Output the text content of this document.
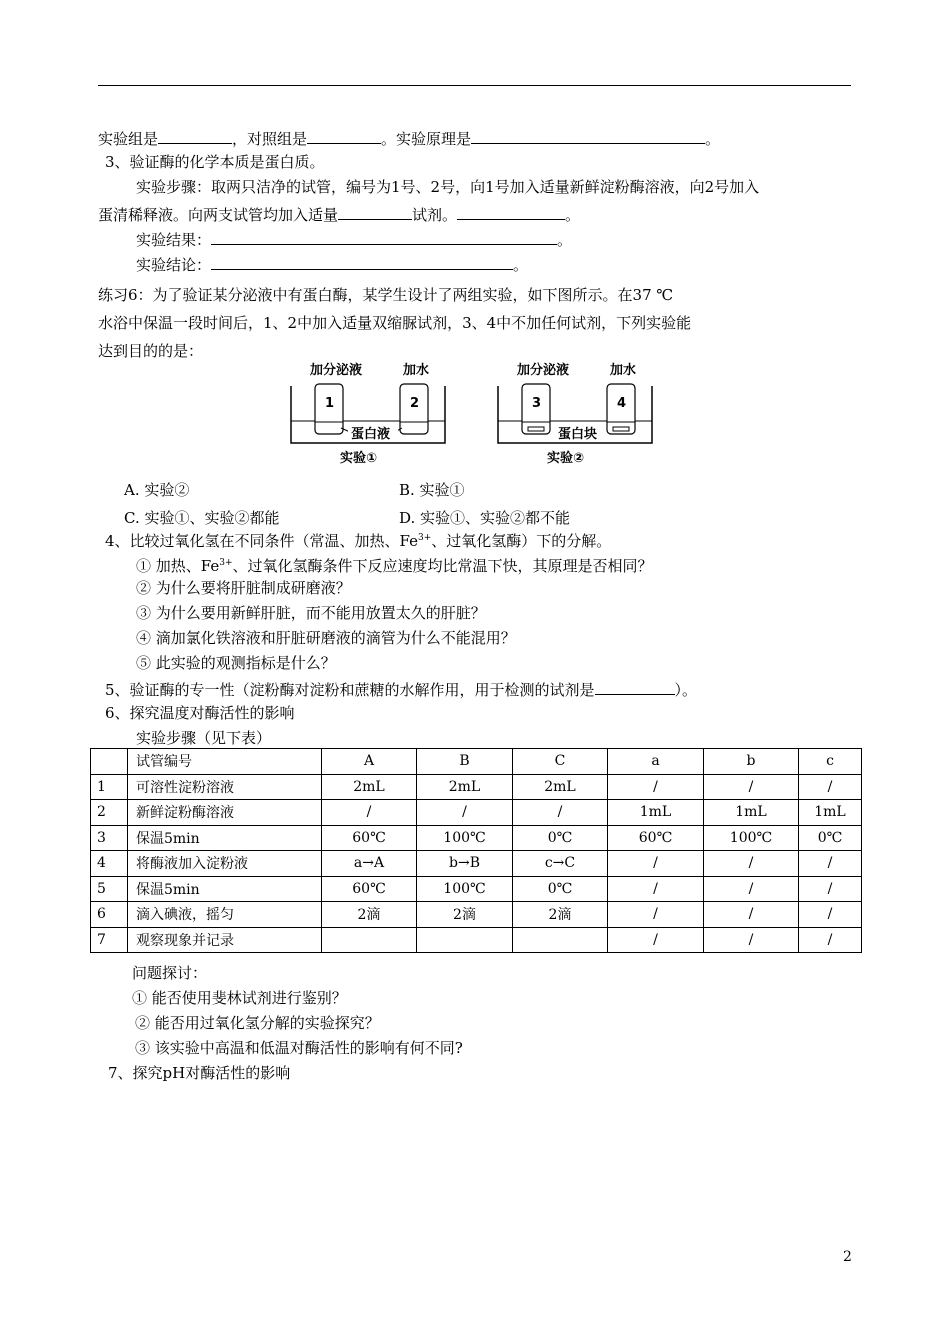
实验组是	，对照组是	。实验原理是	。
3、验证酶的化学本质是蛋白质。
实验步骤：取两只洁净的试管，编号为1号、2号，向1号加入适量新鲜淀粉酶溶液，向2号加入
蛋清稀释液。向两支试管均加入适量	试剂。	。
实验结果：	。
实验结论：	。
练习6：为了验证某分泌液中有蛋白酶，某学生设计了两组实验，如下图所示。在37 ℃
水浴中保温一段时间后，1、2中加入适量双缩脲试剂，3、4中不加任何试剂，下列实验能
达到目的的是：
加分泌液	加水
1	2
蛋白液
实验①
加分泌液	加水
3	4
蛋白块
实验②
A. 实验②	B. 实验①
C. 实验①、实验②都能	D. 实验①、实验②都不能
4、比较过氧化氢在不同条件（常温、加热、$Fe^{3+}$、过氧化氢酶）下的分解。
① 加热、$Fe^{3+}$、过氧化氢酶条件下反应速度均比常温下快，其原理是否相同？
② 为什么要将肝脏制成研磨液？
③ 为什么要用新鲜肝脏，而不能用放置太久的肝脏？
④ 滴加氯化铁溶液和肝脏研磨液的滴管为什么不能混用？
⑤ 此实验的观测指标是什么？
5、验证酶的专一性（淀粉酶对淀粉和蔗糖的水解作用，用于检测的试剂是	）。
6、探究温度对酶活性的影响
实验步骤（见下表）
	试管编号	A	B	C	a	b	c
1	可溶性淀粉溶液	2mL	2mL	2mL	/	/	/
2	新鲜淀粉酶溶液	/	/	/	1mL	1mL	1mL
3	保温5min	60℃	100℃	0℃	60℃	100℃	0℃
4	将酶液加入淀粉液	a→A	b→B	c→C	/	/	/
5	保温5min	60℃	100℃	0℃	/	/	/
6	滴入碘液，摇匀	2滴	2滴	2滴	/	/	/
7	观察现象并记录				/	/	/
问题探讨：
① 能否使用斐林试剂进行鉴别？
② 能否用过氧化氢分解的实验探究？
③ 该实验中高温和低温对酶活性的影响有何不同?
7、探究pH对酶活性的影响
2
